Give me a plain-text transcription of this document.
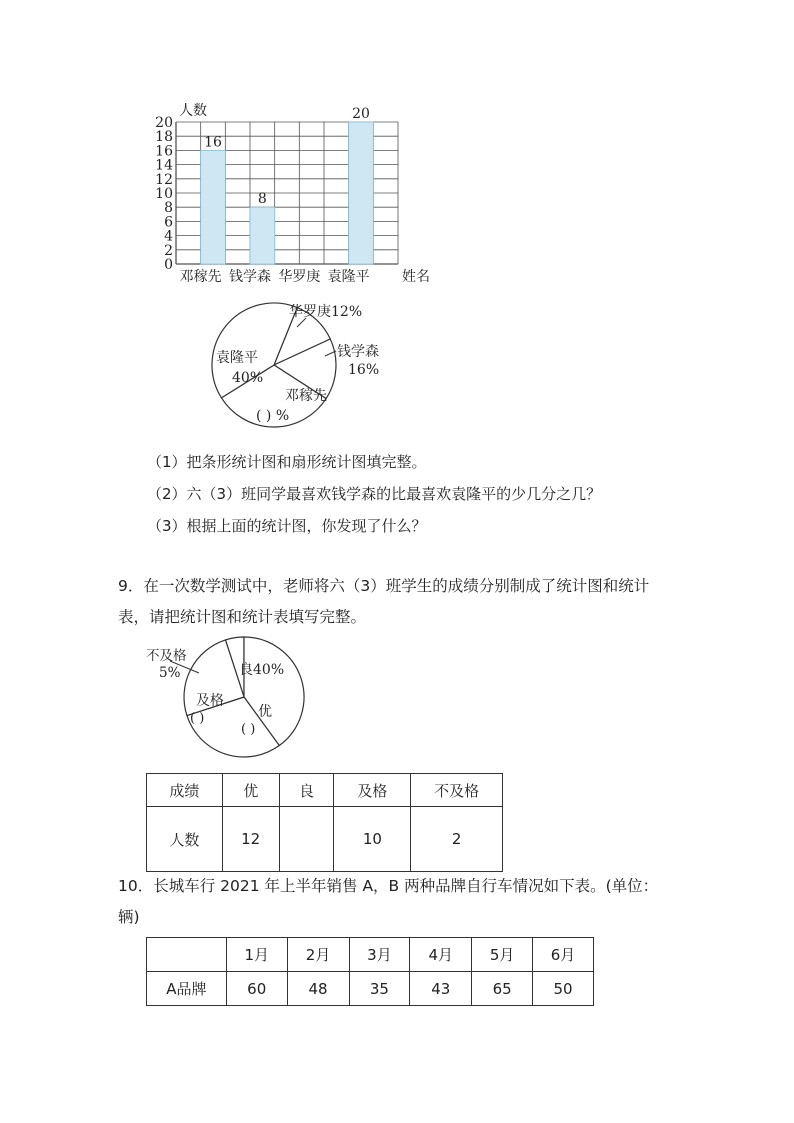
0
2
4
6
8
10
12
14
16
18
20
人数
姓名
邓稼先
16
钱学森
8
华罗庚 袁隆平
20
华罗庚12%
钱学森
16%
邓稼先
( ) %
袁隆平
40%
（1）把条形统计图和扇形统计图填完整。
（2）六（3）班同学最喜欢钱学森的比最喜欢袁隆平的少几分之几？
（3）根据上面的统计图，你发现了什么？
9．在一次数学测试中，老师将六（3）班学生的成绩分别制成了统计图和统计表，请把统计图和统计表填写完整。
不及格
5%	良40%
优
( )
及格
( )
成绩	优	良	及格	不及格
人数	12		10	2
10．长城车行 2021 年上半年销售 A，B 两种品牌自行车情况如下表。(单位：辆)
	1月	2月	3月	4月	5月	6月
A品牌	60	48	35	43	65	50
